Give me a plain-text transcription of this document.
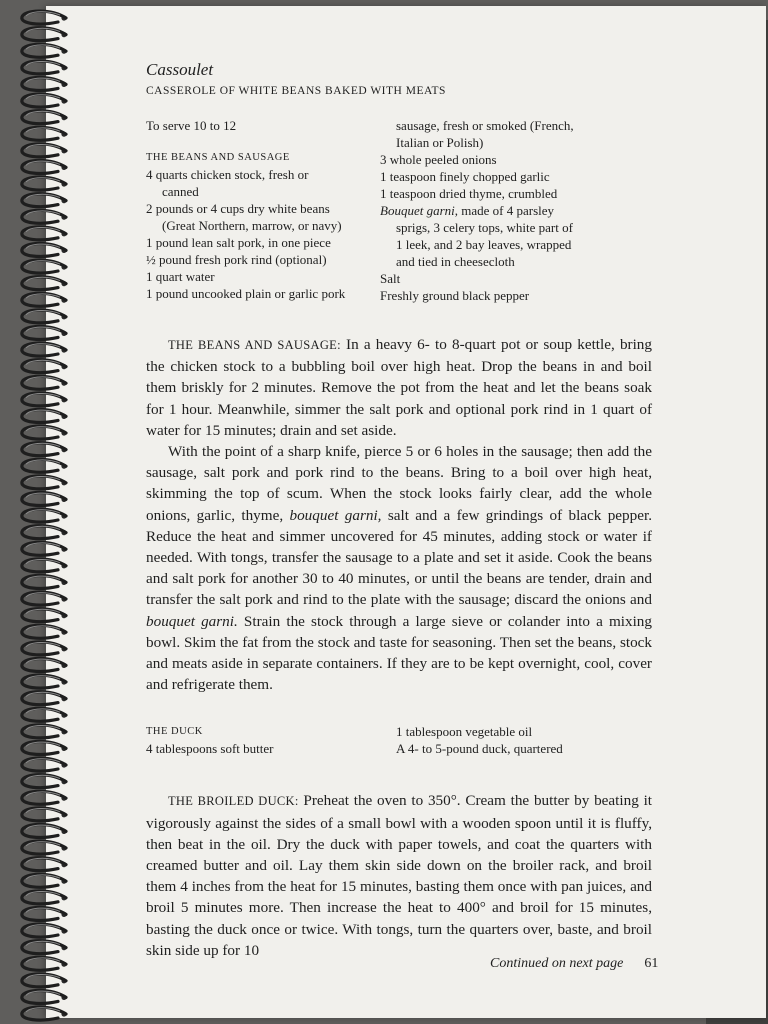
Cassoulet
CASSEROLE OF WHITE BEANS BAKED WITH MEATS
To serve 10 to 12
THE BEANS AND SAUSAGE
4 quarts chicken stock, fresh or
canned
2 pounds or 4 cups dry white beans
(Great Northern, marrow, or navy)
1 pound lean salt pork, in one piece
½ pound fresh pork rind (optional)
1 quart water
1 pound uncooked plain or garlic pork
sausage, fresh or smoked (French,
Italian or Polish)
3 whole peeled onions
1 teaspoon finely chopped garlic
1 teaspoon dried thyme, crumbled
Bouquet garni, made of 4 parsley
sprigs, 3 celery tops, white part of
1 leek, and 2 bay leaves, wrapped
and tied in cheesecloth
Salt
Freshly ground black pepper

THE BEANS AND SAUSAGE: In a heavy 6- to 8-quart pot or soup kettle, bring the chicken stock to a bubbling boil over high heat. Drop the beans in and boil them briskly for 2 minutes. Remove the pot from the heat and let the beans soak for 1 hour. Meanwhile, simmer the salt pork and optional pork rind in 1 quart of water for 15 minutes; drain and set aside.

With the point of a sharp knife, pierce 5 or 6 holes in the sausage; then add the sausage, salt pork and pork rind to the beans. Bring to a boil over high heat, skimming the top of scum. When the stock looks fairly clear, add the whole onions, garlic, thyme, bouquet garni, salt and a few grindings of black pepper. Reduce the heat and simmer uncovered for 45 minutes, adding stock or water if needed. With tongs, transfer the sausage to a plate and set it aside. Cook the beans and salt pork for another 30 to 40 minutes, or until the beans are tender, drain and transfer the salt pork and rind to the plate with the sausage; discard the onions and bouquet garni. Strain the stock through a large sieve or colander into a mixing bowl. Skim the fat from the stock and taste for seasoning. Then set the beans, stock and meats aside in separate containers. If they are to be kept overnight, cool, cover and refrigerate them.

THE DUCK
4 tablespoons soft butter
1 tablespoon vegetable oil
A 4- to 5-pound duck, quartered

THE BROILED DUCK: Preheat the oven to 350°. Cream the butter by beating it vigorously against the sides of a small bowl with a wooden spoon until it is fluffy, then beat in the oil. Dry the duck with paper towels, and coat the quarters with creamed butter and oil. Lay them skin side down on the broiler rack, and broil them 4 inches from the heat for 15 minutes, basting them once with pan juices, and broil 5 minutes more. Then increase the heat to 400° and broil for 15 minutes, basting the duck once or twice. With tongs, turn the quarters over, baste, and broil skin side up for 10

Continued on next page 61
